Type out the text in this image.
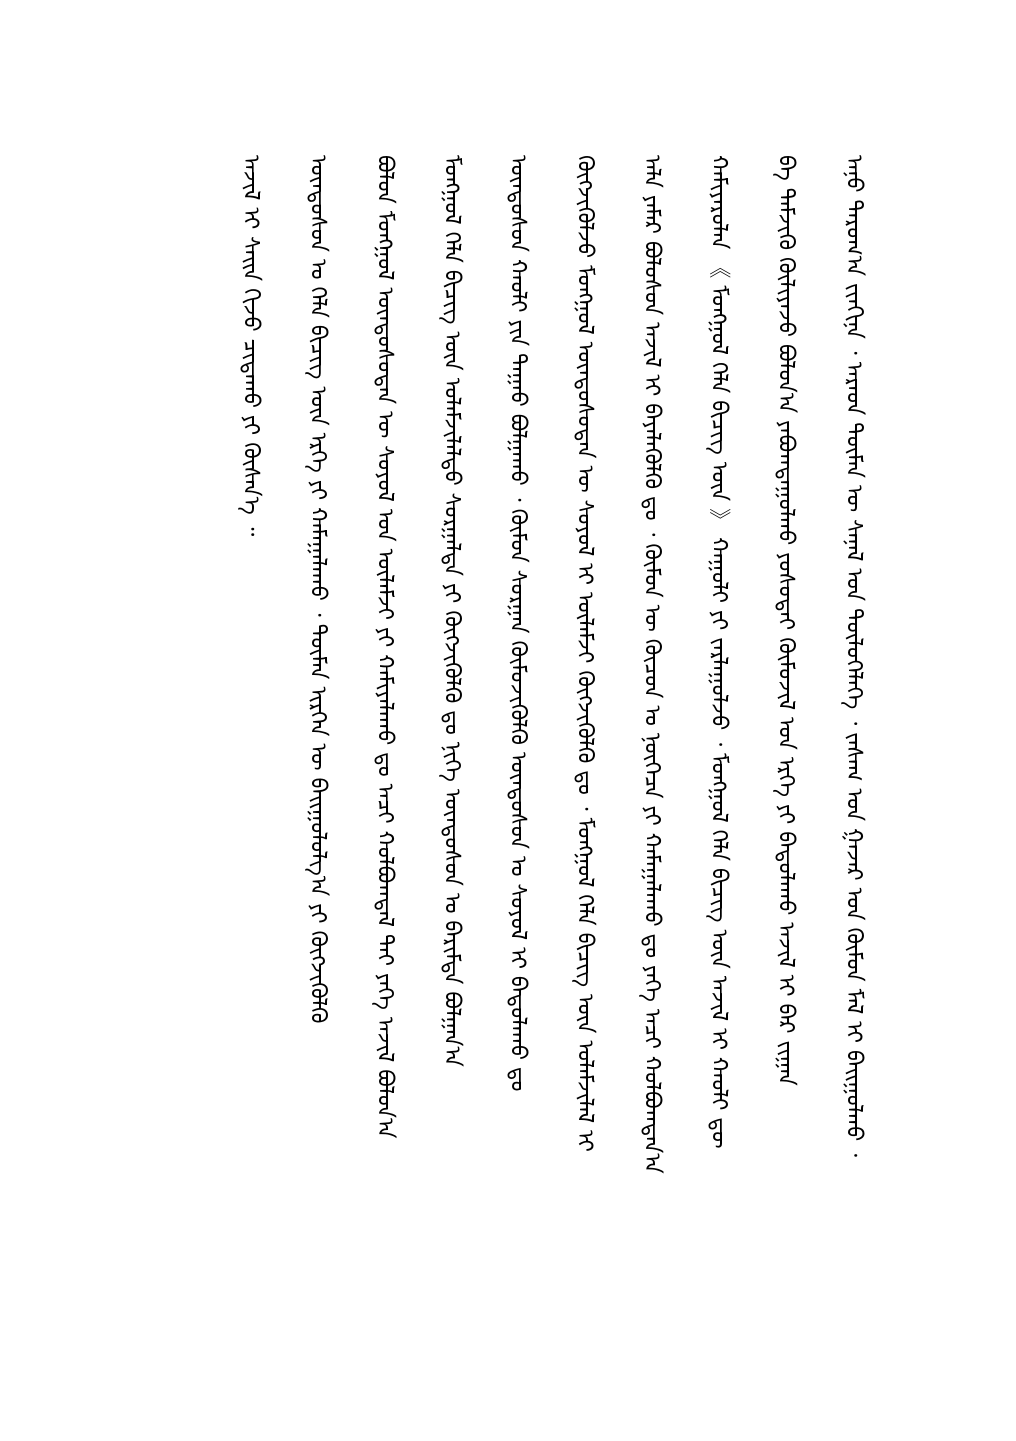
ᠠᠨᠤ ᠳᠠᠷᠤᠭ᠎ᠠ ᠵᠢᠨᠬᠢᠨᠡ ᠂ ᠠᠷᠠᠳ ᠲᠦᠮᠡᠨ ᠦ ᠰᠠᠨᠠᠯ ᠤᠨ ᠲᠥᠯᠦᠭᠡᠯᠡᠬᠡ ᠂ ᠵᠠᠰᠠᠭ ᠤᠨ ᠭᠠᠵᠠᠷ ᠤᠨ ᠬᠦᠮᠦᠨ ᠮᠠᠯ ᠢ ᠪᠠᠢᠭᠤᠯᠬᠤ ᠂
ᠪᠠ ᠳᠡᠮᠵᠢᠬᠦ ᠬᠦᠯᠢᠶᠡᠵᠦ ᠪᠣᠯᠤᠨ᠎ᠠ ᠶᠠᠪᠤᠭᠳᠠᠭᠤᠯᠬᠤ ᠶᠣᠰᠣᠲᠠᠢ ᠬᠦᠮᠦᠵᠢᠯ ᠤᠨ ᠡᠷᠬᠡ ᠶᠢ ᠪᠠᠲᠤᠯᠠᠬᠤ ᠠᠵᠢᠯ ᠢ ᠪᠠᠷ ᠵᠢᠭᠠᠨ
ᠬᠠᠮᠢᠶᠠᠷᠤᠯᠠᠨ 《 ᠮᠣᠩᠭᠣᠯ ᠬᠡᠯᠡ ᠪᠢᠴᠢᠭ ᠦᠨ 》 ᠬᠠᠭᠤᠯᠢ ᠶᠢ ᠵᠠᠷᠯᠠᠭᠤᠯᠵᠤ ᠂ ᠮᠣᠩᠭᠣᠯ ᠬᠡᠯᠡ ᠪᠢᠴᠢᠭ ᠦᠨ ᠠᠵᠢᠯ ᠢ ᠬᠠᠤᠯᠢ ᠳᠦ
ᠠᠯᠠ ᠶᠠᠮᠠᠷ ᠪᠣᠯᠣᠰᠤᠨ ᠠᠵᠢᠯ ᠢ ᠪᠡᠶᠡᠯᠡᠭᠦᠯᠬᠦ ᠳᠤ ᠂ ᠬᠦᠮᠦᠨ ᠦ ᠬᠦᠴᠦᠨ ᠤ ᠨᠥᠭᠡᠴᠡ ᠶᠢ ᠬᠠᠮᠠᠭᠠᠯᠠᠬᠤ ᠳᠤ ᠶᠡᠬᠡ ᠠᠴᠢ ᠬᠣᠯᠪᠣᠭᠳᠠᠨ᠎ᠠ
ᠬᠥᠭᠵᠢᠭᠦᠯᠵᠦ ᠮᠣᠩᠭᠣᠯ ᠦᠨᠳᠦᠰᠦᠲᠡᠨ ᠦ ᠰᠣᠶᠣᠯ ᠢ ᠦᠯᠡᠮᠵᠢ ᠬᠥᠭᠵᠢᠭᠦᠯᠬᠦ ᠳᠤ ᠂ ᠮᠣᠩᠭᠣᠯ ᠬᠡᠯᠡ ᠪᠢᠴᠢᠭ ᠦᠨ ᠤᠯᠠᠮᠵᠢᠯᠠᠯ ᠢ
ᠦᠨᠳᠦᠰᠦᠨ ᠬᠠᠤᠯᠢ ᠶᠢᠨ ᠳᠠᠭᠠᠤ ᠪᠣᠯᠭᠠᠬᠤ ᠂ ᠬᠦᠮᠦᠨ ᠰᠤᠷᠭᠠᠨ ᠬᠥᠮᠦᠵᠢᠭᠦᠯᠬᠦ ᠦᠨᠳᠦᠰᠦᠨ ᠤ ᠰᠣᠶᠣᠯ ᠢ ᠪᠠᠲᠤᠯᠠᠬᠤ ᠳᠤ
ᠮᠣᠩᠭᠣᠯ ᠬᠡᠯᠡ ᠪᠢᠴᠢᠭ ᠦᠨ ᠤᠯᠠᠮᠵᠢᠯᠠᠯᠲᠤ ᠰᠤᠷᠭᠠᠯᠲᠠ ᠶᠢ ᠬᠥᠭᠵᠢᠭᠦᠯᠬᠦ ᠳᠤ ᠨᠢᠭᠡ ᠦᠨᠳᠦᠰᠦᠨ ᠤ ᠪᠠᠷᠢᠮᠲᠠ ᠪᠣᠯᠭᠠᠨ᠎ᠠ
ᠪᠣᠯᠤᠨ ᠮᠣᠩᠭᠣᠯ ᠦᠨᠳᠦᠰᠦᠲᠡᠨ ᠦ ᠰᠣᠶᠣᠯ ᠤᠨ ᠦᠯᠡᠮᠵᠢ ᠶᠢ ᠬᠠᠮᠢᠶᠠᠯᠠᠬᠤ ᠳᠤ ᠠᠴᠢ ᠬᠣᠯᠪᠣᠭᠳᠠᠯ ᠲᠠᠢ ᠶᠡᠬᠡ ᠠᠵᠢᠯ ᠪᠣᠯᠤᠨ᠎ᠠ
ᠦᠨᠳᠦᠰᠦᠨ ᠤ ᠬᠡᠯᠡ ᠪᠢᠴᠢᠭ ᠦᠨ ᠡᠷᠬᠡ ᠶᠢ ᠬᠠᠮᠠᠭᠠᠯᠠᠬᠤ ᠂ ᠲᠦᠮᠡᠨ ᠢᠷᠭᠡᠨ ᠦ ᠪᠠᠢᠭᠤᠯᠤᠯᠭ᠎ᠠ ᠶᠢ ᠬᠥᠭᠵᠢᠭᠦᠯᠬᠦ
ᠠᠵᠢᠯ ᠢ ᠰᠠᠢᠨ ᠬᠢᠵᠦ ᠴᠢᠳᠠᠬᠤ ᠶᠢ ᠬᠦᠰᠡᠨ᠎ᠡ ᠃
